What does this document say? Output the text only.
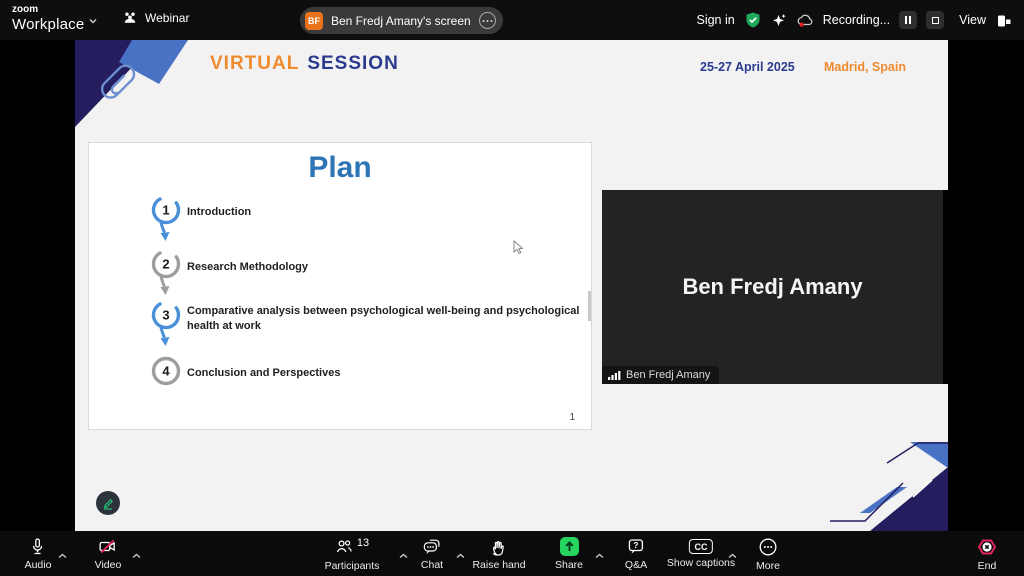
zoom
Workplace	Webinar	BF Ben Fredj Amany's screen	Sign in	Recording...	View
VIRTUAL SESSION	25-27 April 2025 Madrid, Spain
Plan
1 Introduction
2 Research Methodology
3 Comparative analysis between psychological well-being and psychological health at work
4 Conclusion and Perspectives
1
Ben Fredj Amany
Ben Fredj Amany
Audio	Video
13
Participants	Chat	Raise hand	Share
?
Q&A
CC
Show captions More	End
